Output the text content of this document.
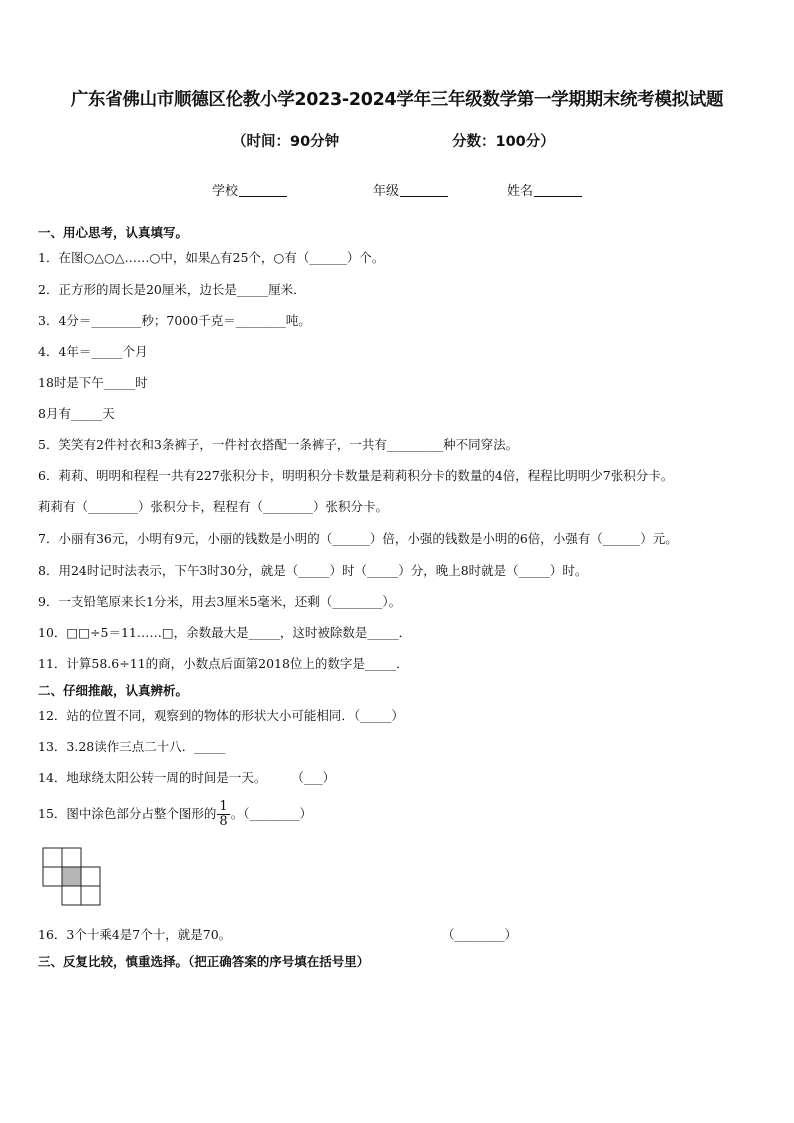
广东省佛山市顺德区伦教小学2023-2024学年三年级数学第一学期期末统考模拟试题
（时间：90分钟	分数：100分）
学校	年级	姓名
一、用心思考，认真填写。
1．在图○△○△……○中，如果△有25个，○有（______）个。
2．正方形的周长是20厘米，边长是_____厘米．
3．4分＝________秒；7000千克＝________吨。
4．4年＝_____个月
18时是下午_____时
8月有_____天
5．笑笑有2件衬衣和3条裤子，一件衬衣搭配一条裤子，一共有_________种不同穿法。
6．莉莉、明明和程程一共有227张积分卡，明明积分卡数量是莉莉积分卡的数量的4倍，程程比明明少7张积分卡。
莉莉有（________）张积分卡，程程有（________）张积分卡。
7．小丽有36元，小明有9元，小丽的钱数是小明的（______）倍，小强的钱数是小明的6倍，小强有（______）元。
8．用24时记时法表示，下午3时30分，就是（_____）时（_____）分，晚上8时就是（_____）时。
9．一支铅笔原来长1分米，用去3厘米5毫米，还剩（________）。
10．□□÷5＝11……□，余数最大是_____，这时被除数是_____．
11．计算58.6÷11的商，小数点后面第2018位上的数字是_____．
二、仔细推敲，认真辨析。
12．站的位置不同，观察到的物体的形状大小可能相同．（_____）
13．3.28读作三点二十八．_____
14．地球绕太阳公转一周的时间是一天。　　　（___）
15．图中涂色部分占整个图形的 $\frac{1}{8}$ 。（________）
16．3个十乘4是7个十，就是70。	（________）
三、反复比较，慎重选择。（把正确答案的序号填在括号里）
